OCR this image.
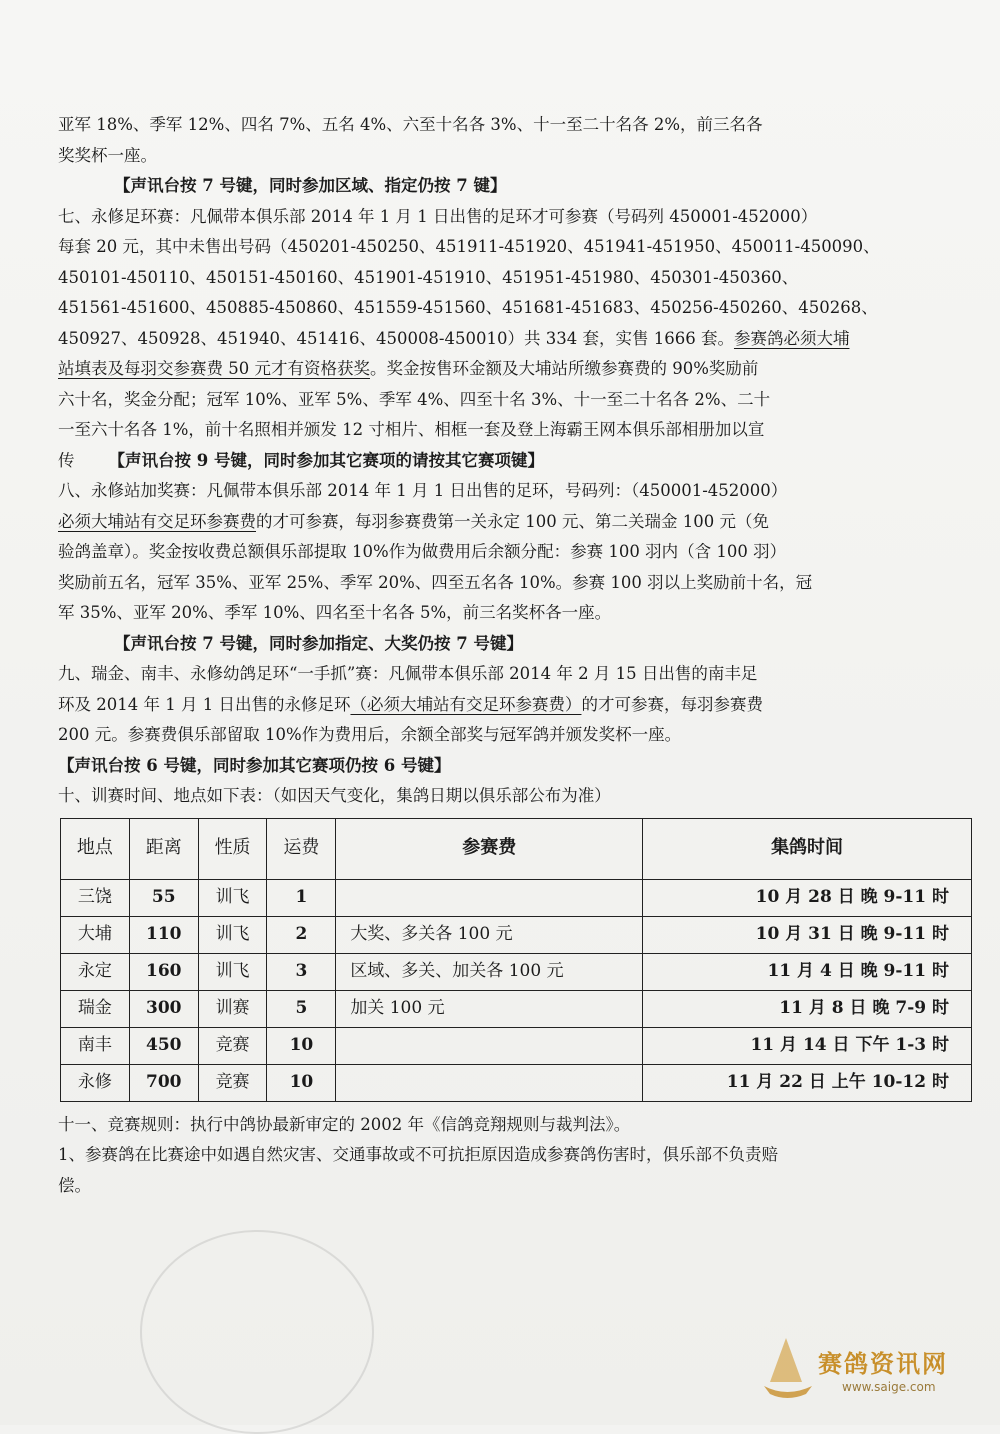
亚军 18%、季军 12%、四名 7%、五名 4%、六至十名各 3%、十一至二十名各 2%，前三名各

奖奖杯一座。

【声讯台按 7 号键，同时参加区域、指定仍按 7 键】

七、永修足环赛：凡佩带本俱乐部 2014 年 1 月 1 日出售的足环才可参赛（号码列 450001-452000）

每套 20 元，其中未售出号码（450201-450250、451911-451920、451941-451950、450011-450090、

450101-450110、450151-450160、451901-451910、451951-451980、450301-450360、

451561-451600、450885-450860、451559-451560、451681-451683、450256-450260、450268、

450927、450928、451940、451416、450008-450010）共 334 套，实售 1666 套。参赛鸽必须大埔

站填表及每羽交参赛费 50 元才有资格获奖。奖金按售环金额及大埔站所缴参赛费的 90%奖励前

六十名，奖金分配；冠军 10%、亚军 5%、季军 4%、四至十名 3%、十一至二十名各 2%、二十

一至六十名各 1%，前十名照相并颁发 12 寸相片、相框一套及登上海霸王网本俱乐部相册加以宣

传 【声讯台按 9 号键，同时参加其它赛项的请按其它赛项键】

八、永修站加奖赛：凡佩带本俱乐部 2014 年 1 月 1 日出售的足环，号码列：（450001-452000）

必须大埔站有交足环参赛费的才可参赛，每羽参赛费第一关永定 100 元、第二关瑞金 100 元（免

验鸽盖章）。奖金按收费总额俱乐部提取 10%作为做费用后余额分配：参赛 100 羽内（含 100 羽）

奖励前五名，冠军 35%、亚军 25%、季军 20%、四至五名各 10%。参赛 100 羽以上奖励前十名，冠

军 35%、亚军 20%、季军 10%、四名至十名各 5%，前三名奖杯各一座。

【声讯台按 7 号键，同时参加指定、大奖仍按 7 号键】

九、瑞金、南丰、永修幼鸽足环“一手抓”赛：凡佩带本俱乐部 2014 年 2 月 15 日出售的南丰足

环及 2014 年 1 月 1 日出售的永修足环（必须大埔站有交足环参赛费）的才可参赛，每羽参赛费

200 元。参赛费俱乐部留取 10%作为费用后，余额全部奖与冠军鸽并颁发奖杯一座。

【声讯台按 6 号键，同时参加其它赛项仍按 6 号键】

十、训赛时间、地点如下表：（如因天气变化，集鸽日期以俱乐部公布为准）

地点	距离	性质	运费	参赛费	集鸽时间
三饶	55	训飞	1		10 月 28 日 晚 9-11 时
大埔	110	训飞	2	大奖、多关各 100 元	10 月 31 日 晚 9-11 时
永定	160	训飞	3	区域、多关、加关各 100 元	11 月 4 日 晚 9-11 时
瑞金	300	训赛	5	加关 100 元	11 月 8 日 晚 7-9 时
南丰	450	竞赛	10		11 月 14 日 下午 1-3 时
永修	700	竞赛	10		11 月 22 日 上午 10-12 时

十一、竞赛规则：执行中鸽协最新审定的 2002 年《信鸽竞翔规则与裁判法》。

1、参赛鸽在比赛途中如遇自然灾害、交通事故或不可抗拒原因造成参赛鸽伤害时，俱乐部不负责赔

偿。

赛鸽资讯网
www.saige.com
